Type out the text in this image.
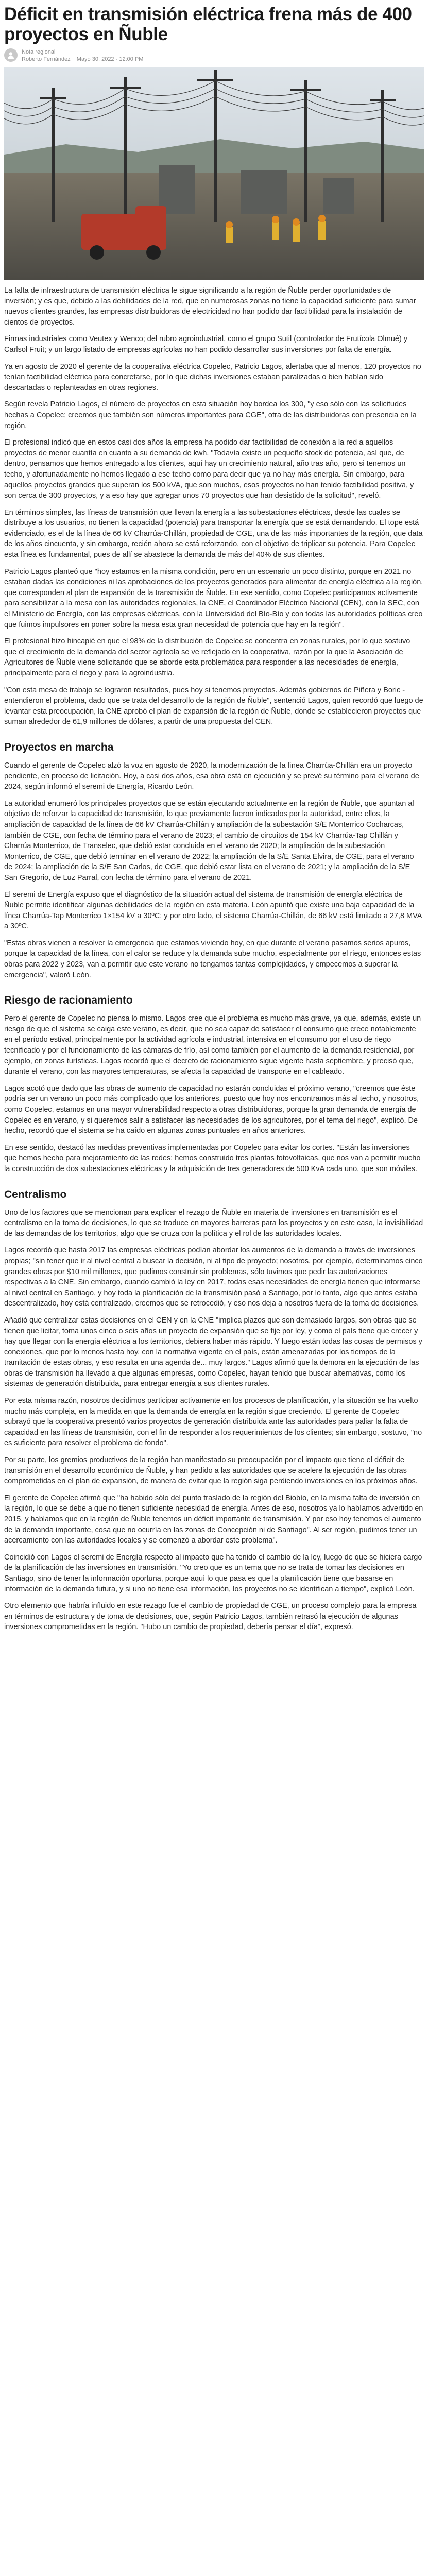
Déficit en transmisión eléctrica frena más de 400 proyectos en Ñuble
Nota regional
Roberto Fernández Mayo 30, 2022 · 12:00 PM

La falta de infraestructura de transmisión eléctrica le sigue significando a la región de Ñuble perder oportunidades de inversión; y es que, debido a las debilidades de la red, que en numerosas zonas no tiene la capacidad suficiente para sumar nuevos clientes grandes, las empresas distribuidoras de electricidad no han podido dar factibilidad para la instalación de cientos de proyectos.

Firmas industriales como Veutex y Wenco; del rubro agroindustrial, como el grupo Sutil (controlador de Frutícola Olmué) y Carlsol Fruit; y un largo listado de empresas agrícolas no han podido desarrollar sus inversiones por falta de energía.

Ya en agosto de 2020 el gerente de la cooperativa eléctrica Copelec, Patricio Lagos, alertaba que al menos, 120 proyectos no tenían factibilidad eléctrica para concretarse, por lo que dichas inversiones estaban paralizadas o bien habían sido descartadas o replanteadas en otras regiones.

Según revela Patricio Lagos, el número de proyectos en esta situación hoy bordea los 300, "y eso sólo con las solicitudes hechas a Copelec; creemos que también son números importantes para CGE", otra de las distribuidoras con presencia en la región.

El profesional indicó que en estos casi dos años la empresa ha podido dar factibilidad de conexión a la red a aquellos proyectos de menor cuantía en cuanto a su demanda de kwh. "Todavía existe un pequeño stock de potencia, así que, de dentro, pensamos que hemos entregado a los clientes, aquí hay un crecimiento natural, año tras año, pero si tenemos un techo, y afortunadamente no hemos llegado a ese techo como para decir que ya no hay más energía. Sin embargo, para aquellos proyectos grandes que superan los 500 kVA, que son muchos, esos proyectos no han tenido factibilidad positiva, y son cerca de 300 proyectos, y a eso hay que agregar unos 70 proyectos que han desistido de la solicitud", reveló.

En términos simples, las líneas de transmisión que llevan la energía a las subestaciones eléctricas, desde las cuales se distribuye a los usuarios, no tienen la capacidad (potencia) para transportar la energía que se está demandando. El tope está evidenciado, es el de la línea de 66 kV Charrúa-Chillán, propiedad de CGE, una de las más importantes de la región, que data de los años cincuenta, y sin embargo, recién ahora se está reforzando, con el objetivo de triplicar su potencia. Para Copelec esta línea es fundamental, pues de allí se abastece la demanda de más del 40% de sus clientes.

Patricio Lagos planteó que "hoy estamos en la misma condición, pero en un escenario un poco distinto, porque en 2021 no estaban dadas las condiciones ni las aprobaciones de los proyectos generados para alimentar de energía eléctrica a la región, que corresponden al plan de expansión de la transmisión de Ñuble. En ese sentido, como Copelec participamos activamente para sensibilizar a la mesa con las autoridades regionales, la CNE, el Coordinador Eléctrico Nacional (CEN), con la SEC, con el Ministerio de Energía, con las empresas eléctricas, con la Universidad del Bío-Bío y con todas las autoridades políticas creo que fuimos impulsores en poner sobre la mesa esta gran necesidad de potencia que hay en la región".

El profesional hizo hincapié en que el 98% de la distribución de Copelec se concentra en zonas rurales, por lo que sostuvo que el crecimiento de la demanda del sector agrícola se ve reflejado en la cooperativa, razón por la que la Asociación de Agricultores de Ñuble viene solicitando que se aborde esta problemática para responder a las necesidades de energía, principalmente para el riego y para la agroindustria.

"Con esta mesa de trabajo se lograron resultados, pues hoy si tenemos proyectos. Además gobiernos de Piñera y Boric -entendieron el problema, dado que se trata del desarrollo de la región de Ñuble", sentenció Lagos, quien recordó que luego de levantar esta preocupación, la CNE aprobó el plan de expansión de la región de Ñuble, donde se establecieron proyectos que suman alrededor de 61,9 millones de dólares, a partir de una propuesta del CEN.

Proyectos en marcha

Cuando el gerente de Copelec alzó la voz en agosto de 2020, la modernización de la línea Charrúa-Chillán era un proyecto pendiente, en proceso de licitación. Hoy, a casi dos años, esa obra está en ejecución y se prevé su término para el verano de 2024, según informó el seremi de Energía, Ricardo León.

La autoridad enumeró los principales proyectos que se están ejecutando actualmente en la región de Ñuble, que apuntan al objetivo de reforzar la capacidad de transmisión, lo que previamente fueron indicados por la autoridad, entre ellos, la ampliación de capacidad de la línea de 66 kV Charrúa-Chillán y ampliación de la subestación S/E Monterrico Cocharcas, también de CGE, con fecha de término para el verano de 2023; el cambio de circuitos de 154 kV Charrúa-Tap Chillán y Charrúa Monterrico, de Transelec, que debió estar concluida en el verano de 2020; la ampliación de la subestación Monterrico, de CGE, que debió terminar en el verano de 2022; la ampliación de la S/E Santa Elvira, de CGE, para el verano de 2024; la ampliación de la S/E San Carlos, de CGE, que debió estar lista en el verano de 2021; y la ampliación de la S/E San Gregorio, de Luz Parral, con fecha de término para el verano de 2021.

El seremi de Energía expuso que el diagnóstico de la situación actual del sistema de transmisión de energía eléctrica de Ñuble permite identificar algunas debilidades de la región en esta materia. León apuntó que existe una baja capacidad de la línea Charrúa-Tap Monterrico 1×154 kV a 30ºC; y por otro lado, el sistema Charrúa-Chillán, de 66 kV está limitado a 27,8 MVA a 30ºC.

"Estas obras vienen a resolver la emergencia que estamos viviendo hoy, en que durante el verano pasamos serios apuros, porque la capacidad de la línea, con el calor se reduce y la demanda sube mucho, especialmente por el riego, entonces estas obras para 2022 y 2023, van a permitir que este verano no tengamos tantas complejidades, y empecemos a superar la emergencia", valoró León.

Riesgo de racionamiento

Pero el gerente de Copelec no piensa lo mismo. Lagos cree que el problema es mucho más grave, ya que, además, existe un riesgo de que el sistema se caiga este verano, es decir, que no sea capaz de satisfacer el consumo que crece notablemente en el período estival, principalmente por la actividad agrícola e industrial, intensiva en el consumo por el uso de riego tecnificado y por el funcionamiento de las cámaras de frío, así como también por el aumento de la demanda residencial, por ejemplo, en zonas turísticas. Lagos recordó que el decreto de racionamiento sigue vigente hasta septiembre, y precisó que, durante el verano, con las mayores temperaturas, se afecta la capacidad de transporte en el cableado.

Lagos acotó que dado que las obras de aumento de capacidad no estarán concluidas el próximo verano, "creemos que éste podría ser un verano un poco más complicado que los anteriores, puesto que hoy nos encontramos más al techo, y nosotros, como Copelec, estamos en una mayor vulnerabilidad respecto a otras distribuidoras, porque la gran demanda de energía de Copelec es en verano, y si queremos salir a satisfacer las necesidades de los agricultores, por el tema del riego", explicó. De hecho, recordó que el sistema se ha caído en algunas zonas puntuales en años anteriores.

En ese sentido, destacó las medidas preventivas implementadas por Copelec para evitar los cortes. "Están las inversiones que hemos hecho para mejoramiento de las redes; hemos construido tres plantas fotovoltaicas, que nos van a permitir mucho la construcción de dos subestaciones eléctricas y la adquisición de tres generadores de 500 KvA cada uno, que son móviles.

Centralismo

Uno de los factores que se mencionan para explicar el rezago de Ñuble en materia de inversiones en transmisión es el centralismo en la toma de decisiones, lo que se traduce en mayores barreras para los proyectos y en este caso, la invisibilidad de las demandas de los territorios, algo que se cruza con la política y el rol de las autoridades locales.

Lagos recordó que hasta 2017 las empresas eléctricas podían abordar los aumentos de la demanda a través de inversiones propias; "sin tener que ir al nivel central a buscar la decisión, ni al tipo de proyecto; nosotros, por ejemplo, determinamos cinco grandes obras por $10 mil millones, que pudimos construir sin problemas, sólo tuvimos que pedir las autorizaciones respectivas a la CNE. Sin embargo, cuando cambió la ley en 2017, todas esas necesidades de energía tienen que informarse al nivel central en Santiago, y hoy toda la planificación de la transmisión pasó a Santiago, por lo tanto, algo que antes estaba descentralizado, hoy está centralizado, creemos que se retrocedió, y eso nos deja a nosotros fuera de la toma de decisiones.

Añadió que centralizar estas decisiones en el CEN y en la CNE "implica plazos que son demasiado largos, son obras que se tienen que licitar, toma unos cinco o seis años un proyecto de expansión que se fije por ley, y como el país tiene que crecer y hay que llegar con la energía eléctrica a los territorios, debiera haber más rápido. Y luego están todas las cosas de permisos y conexiones, que por lo menos hasta hoy, con la normativa vigente en el país, están amenazadas por los tiempos de la tramitación de estas obras, y eso resulta en una agenda de... muy largos." Lagos afirmó que la demora en la ejecución de las obras de transmisión ha llevado a que algunas empresas, como Copelec, hayan tenido que buscar alternativas, como los sistemas de generación distribuida, para entregar energía a sus clientes rurales.

Por esta misma razón, nosotros decidimos participar activamente en los procesos de planificación, y la situación se ha vuelto mucho más compleja, en la medida en que la demanda de energía en la región sigue creciendo. El gerente de Copelec subrayó que la cooperativa presentó varios proyectos de generación distribuida ante las autoridades para paliar la falta de capacidad en las líneas de transmisión, con el fin de responder a los requerimientos de los clientes; sin embargo, sostuvo, "no es suficiente para resolver el problema de fondo".

Por su parte, los gremios productivos de la región han manifestado su preocupación por el impacto que tiene el déficit de transmisión en el desarrollo económico de Ñuble, y han pedido a las autoridades que se acelere la ejecución de las obras comprometidas en el plan de expansión, de manera de evitar que la región siga perdiendo inversiones en los próximos años.

El gerente de Copelec afirmó que "ha habido sólo del punto traslado de la región del Biobío, en la misma falta de inversión en la región, lo que se debe a que no tienen suficiente necesidad de energía. Antes de eso, nosotros ya lo habíamos advertido en 2015, y hablamos que en la región de Ñuble tenemos un déficit importante de transmisión. Y por eso hoy tenemos el aumento de la demanda importante, cosa que no ocurría en las zonas de Concepción ni de Santiago". Al ser región, pudimos tener un acercamiento con las autoridades locales y se comenzó a abordar este problema".

Coincidió con Lagos el seremi de Energía respecto al impacto que ha tenido el cambio de la ley, luego de que se hiciera cargo de la planificación de las inversiones en transmisión. "Yo creo que es un tema que no se trata de tomar las decisiones en Santiago, sino de tener la información oportuna, porque aquí lo que pasa es que la planificación tiene que basarse en información de la demanda futura, y si uno no tiene esa información, los proyectos no se identifican a tiempo", explicó León.

Otro elemento que habría influido en este rezago fue el cambio de propiedad de CGE, un proceso complejo para la empresa en términos de estructura y de toma de decisiones, que, según Patricio Lagos, también retrasó la ejecución de algunas inversiones comprometidas en la región. "Hubo un cambio de propiedad, debería pensar el día", expresó.
